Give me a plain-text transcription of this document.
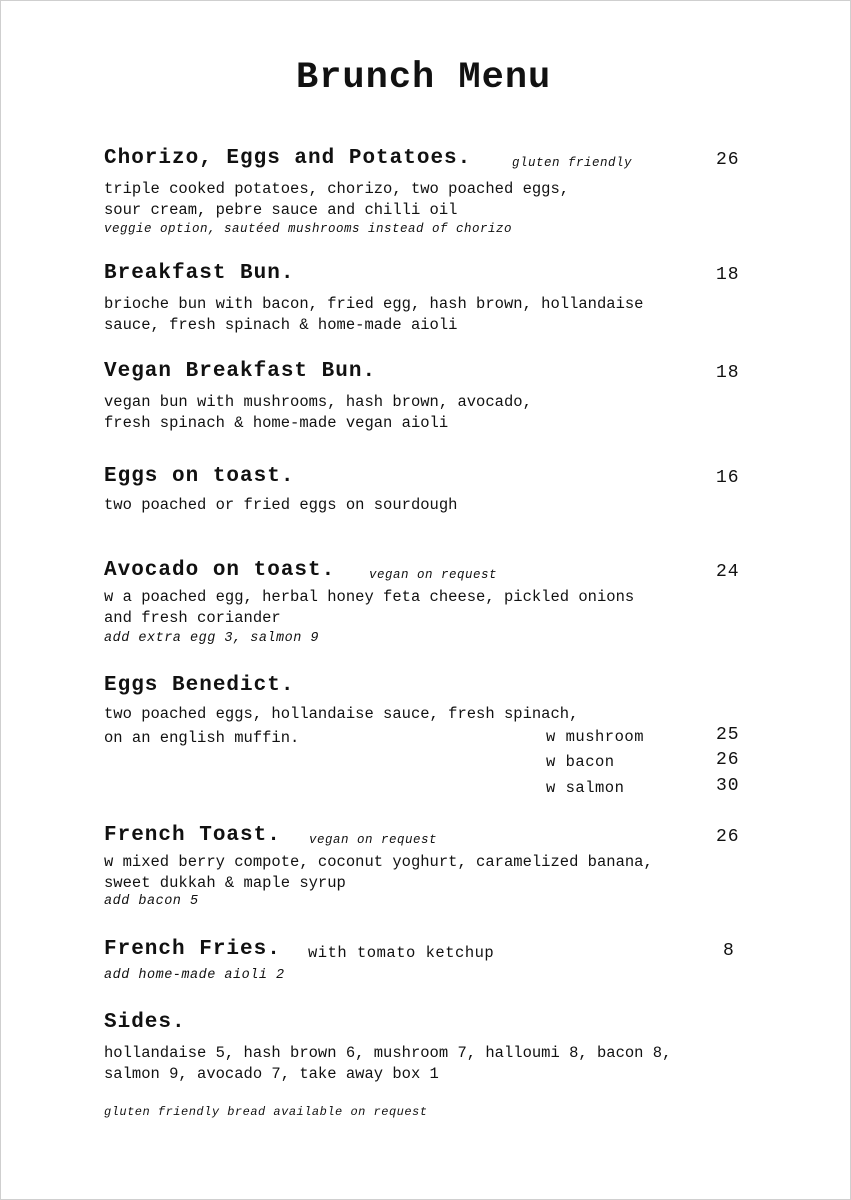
Brunch Menu
Chorizo, Eggs and Potatoes.	gluten friendly	26
triple cooked potatoes, chorizo, two poached eggs,
sour cream, pebre sauce and chilli oil
veggie option, sautéed mushrooms instead of chorizo
Breakfast Bun.	18
brioche bun with bacon, fried egg, hash brown, hollandaise
sauce, fresh spinach & home-made aioli
Vegan Breakfast Bun.	18
vegan bun with mushrooms, hash brown, avocado,
fresh spinach & home-made vegan aioli
Eggs on toast.	16
two poached or fried eggs on sourdough
Avocado on toast.	vegan on request	24
w a poached egg, herbal honey feta cheese, pickled onions
and fresh coriander
add extra egg 3, salmon 9
Eggs Benedict.
two poached eggs, hollandaise sauce, fresh spinach,
on an english muffin.	w mushroom	25
w bacon	26
w salmon	30
French Toast. vegan on request	26
w mixed berry compote, coconut yoghurt, caramelized banana,
sweet dukkah & maple syrup
add bacon 5
French Fries. with tomato ketchup	8
add home-made aioli 2
Sides.
hollandaise 5, hash brown 6, mushroom 7, halloumi 8, bacon 8,
salmon 9, avocado 7, take away box 1
gluten friendly bread available on request
